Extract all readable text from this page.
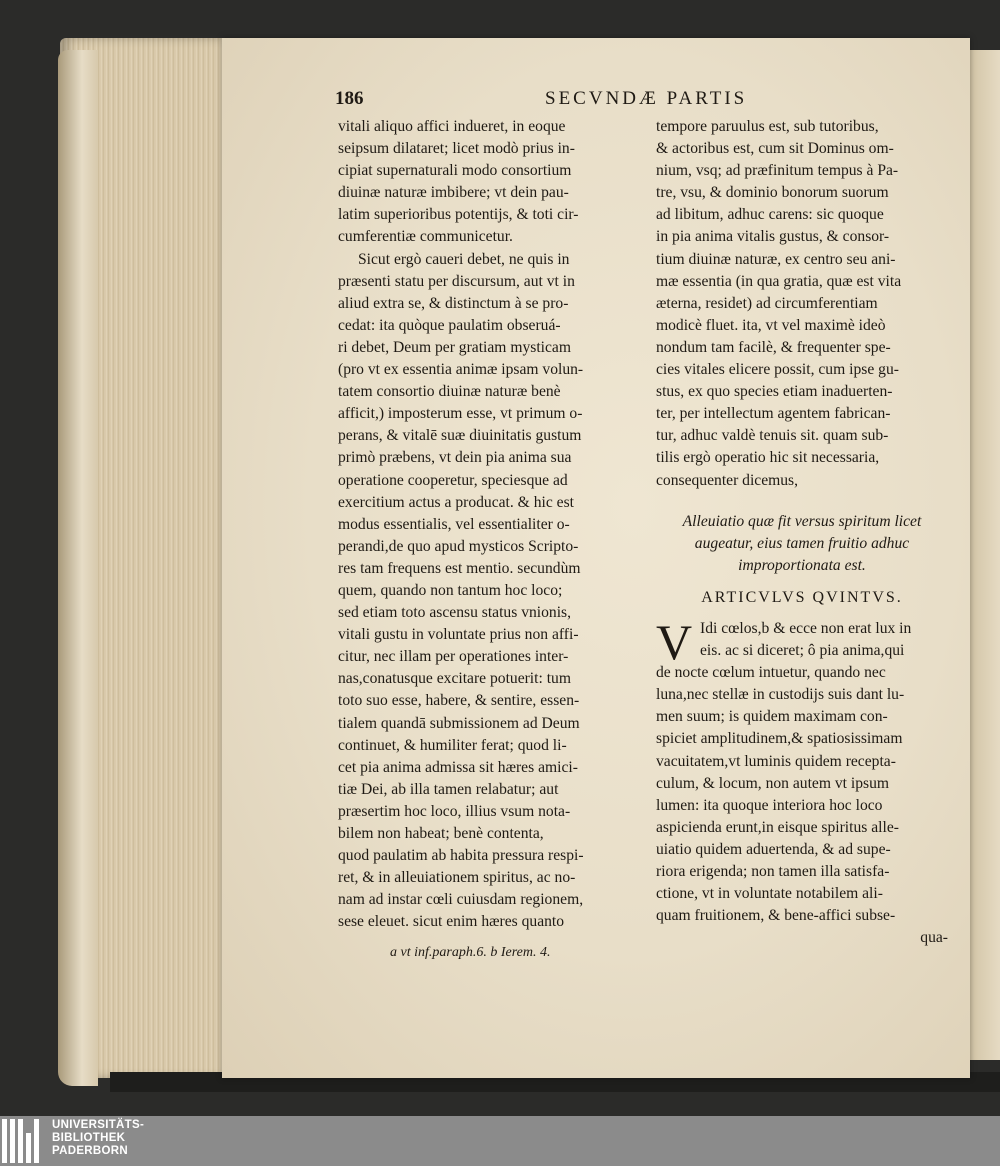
186	SECVNDÆ PARTIS
vitali aliquo affici indueret, in eoque
seipsum dilataret; licet modò prius in-
cipiat supernaturali modo consortium
diuinæ naturæ imbibere; vt dein pau-
latim superioribus potentijs, & toti cir-
cumferentiæ communicetur.
Sicut ergò caueri debet, ne quis in
præsenti statu per discursum, aut vt in
aliud extra se, & distinctum à se pro-
cedat: ita quòque paulatim obseruá-
ri debet, Deum per gratiam mysticam
(pro vt ex essentia animæ ipsam volun-
tatem consortio diuinæ naturæ benè
afficit,) imposterum esse, vt primum o-
perans, & vitalē suæ diuinitatis gustum
primò præbens, vt dein pia anima sua
operatione cooperetur, speciesque ad
exercitium actus a producat. & hic est
modus essentialis, vel essentialiter o-
perandi,de quo apud mysticos Scripto-
res tam frequens est mentio. secundùm
quem, quando non tantum hoc loco;
sed etiam toto ascensu status vnionis,
vitali gustu in voluntate prius non affi-
citur, nec illam per operationes inter-
nas,conatusque excitare potuerit: tum
toto suo esse, habere, & sentire, essen-
tialem quandā submissionem ad Deum
continuet, & humiliter ferat; quod li-
cet pia anima admissa sit hæres amici-
tiæ Dei, ab illa tamen relabatur; aut
præsertim hoc loco, illius vsum nota-
bilem non habeat; benè contenta,
quod paulatim ab habita pressura respi-
ret, & in alleuiationem spiritus, ac no-
nam ad instar cœli cuiusdam regionem,
sese eleuet. sicut enim hæres quanto
tempore paruulus est, sub tutoribus,
& actoribus est, cum sit Dominus om-
nium, vsq; ad præfinitum tempus à Pa-
tre, vsu, & dominio bonorum suorum
ad libitum, adhuc carens: sic quoque
in pia anima vitalis gustus, & consor-
tium diuinæ naturæ, ex centro seu ani-
mæ essentia (in qua gratia, quæ est vita
æterna, residet) ad circumferentiam
modicè fluet. ita, vt vel maximè ideò
nondum tam facilè, & frequenter spe-
cies vitales elicere possit, cum ipse gu-
stus, ex quo species etiam inaduerten-
ter, per intellectum agentem fabrican-
tur, adhuc valdè tenuis sit. quam sub-
tilis ergò operatio hic sit necessaria,
consequenter dicemus,
Alleuiatio quæ fit versus spiritum licet
augeatur, eius tamen fruitio adhuc
improportionata est.
ARTICVLVS QVINTVS.
V Idi cœlos,b & ecce non erat lux in
eis. ac si diceret; ô pia anima,qui
de nocte cœlum intuetur, quando nec
luna,nec stellæ in custodijs suis dant lu-
men suum; is quidem maximam con-
spiciet amplitudinem,& spatiosissimam
vacuitatem,vt luminis quidem recepta-
culum, & locum, non autem vt ipsum
lumen: ita quoque interiora hoc loco
aspicienda erunt,in eisque spiritus alle-
uiatio quidem aduertenda, & ad supe-
riora erigenda; non tamen illa satisfa-
ctione, vt in voluntate notabilem ali-
quam fruitionem, & bene-affici subse-
qua-
a vt inf.paraph.6. b Ierem. 4.
UNIVERSITÄTS-
BIBLIOTHEK
PADERBORN
